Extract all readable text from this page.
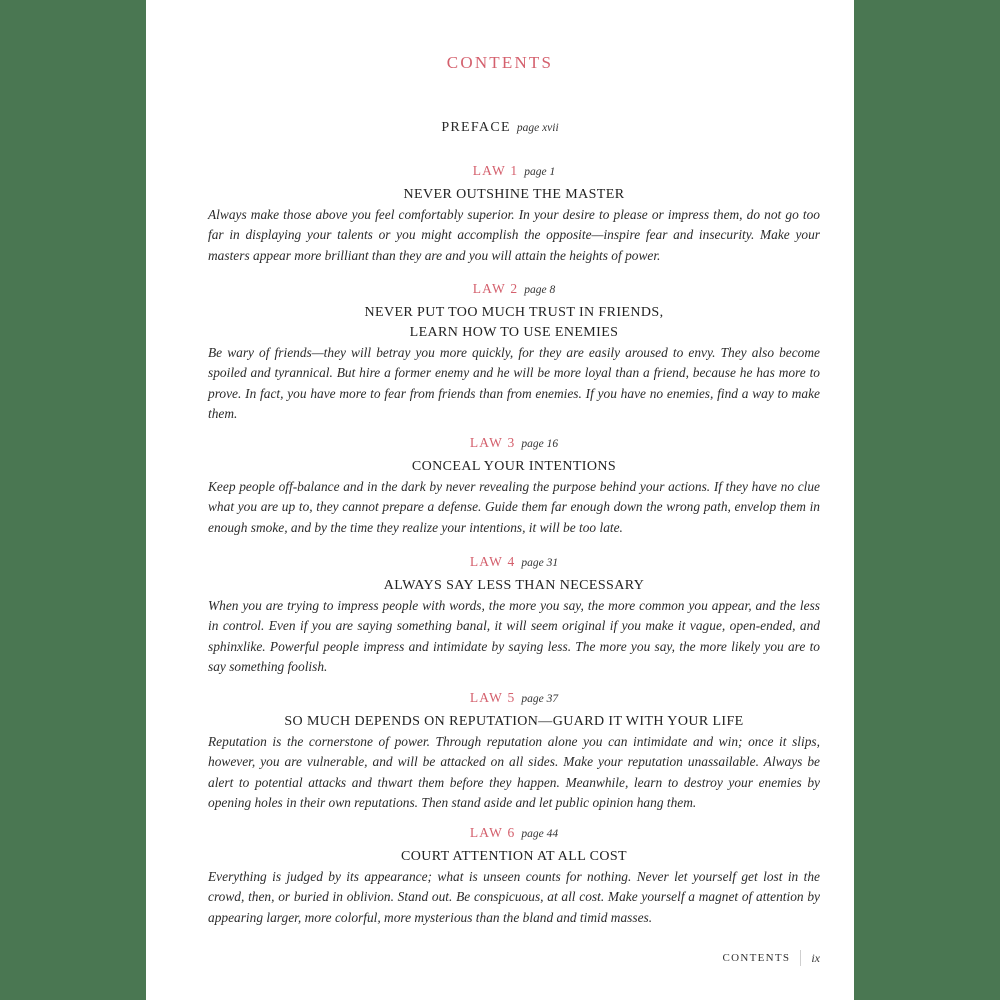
CONTENTS
PREFACE page xvii
LAW 1 page 1
NEVER OUTSHINE THE MASTER
Always make those above you feel comfortably superior. In your desire to please or impress them, do not go too far in displaying your talents or you might accomplish the opposite—inspire fear and insecurity. Make your masters appear more brilliant than they are and you will attain the heights of power.
LAW 2 page 8
NEVER PUT TOO MUCH TRUST IN FRIENDS,
LEARN HOW TO USE ENEMIES
Be wary of friends—they will betray you more quickly, for they are easily aroused to envy. They also become spoiled and tyrannical. But hire a former enemy and he will be more loyal than a friend, because he has more to prove. In fact, you have more to fear from friends than from enemies. If you have no enemies, find a way to make them.
LAW 3 page 16
CONCEAL YOUR INTENTIONS
Keep people off-balance and in the dark by never revealing the purpose behind your actions. If they have no clue what you are up to, they cannot prepare a defense. Guide them far enough down the wrong path, envelop them in enough smoke, and by the time they realize your intentions, it will be too late.
LAW 4 page 31
ALWAYS SAY LESS THAN NECESSARY
When you are trying to impress people with words, the more you say, the more common you appear, and the less in control. Even if you are saying something banal, it will seem original if you make it vague, open-ended, and sphinxlike. Powerful people impress and intimidate by saying less. The more you say, the more likely you are to say something foolish.
LAW 5 page 37
SO MUCH DEPENDS ON REPUTATION—GUARD IT WITH YOUR LIFE
Reputation is the cornerstone of power. Through reputation alone you can intimidate and win; once it slips, however, you are vulnerable, and will be attacked on all sides. Make your reputation unassailable. Always be alert to potential attacks and thwart them before they happen. Meanwhile, learn to destroy your enemies by opening holes in their own reputations. Then stand aside and let public opinion hang them.
LAW 6 page 44
COURT ATTENTION AT ALL COST
Everything is judged by its appearance; what is unseen counts for nothing. Never let yourself get lost in the crowd, then, or buried in oblivion. Stand out. Be conspicuous, at all cost. Make yourself a magnet of attention by appearing larger, more colorful, more mysterious than the bland and timid masses.
CONTENTS ix
